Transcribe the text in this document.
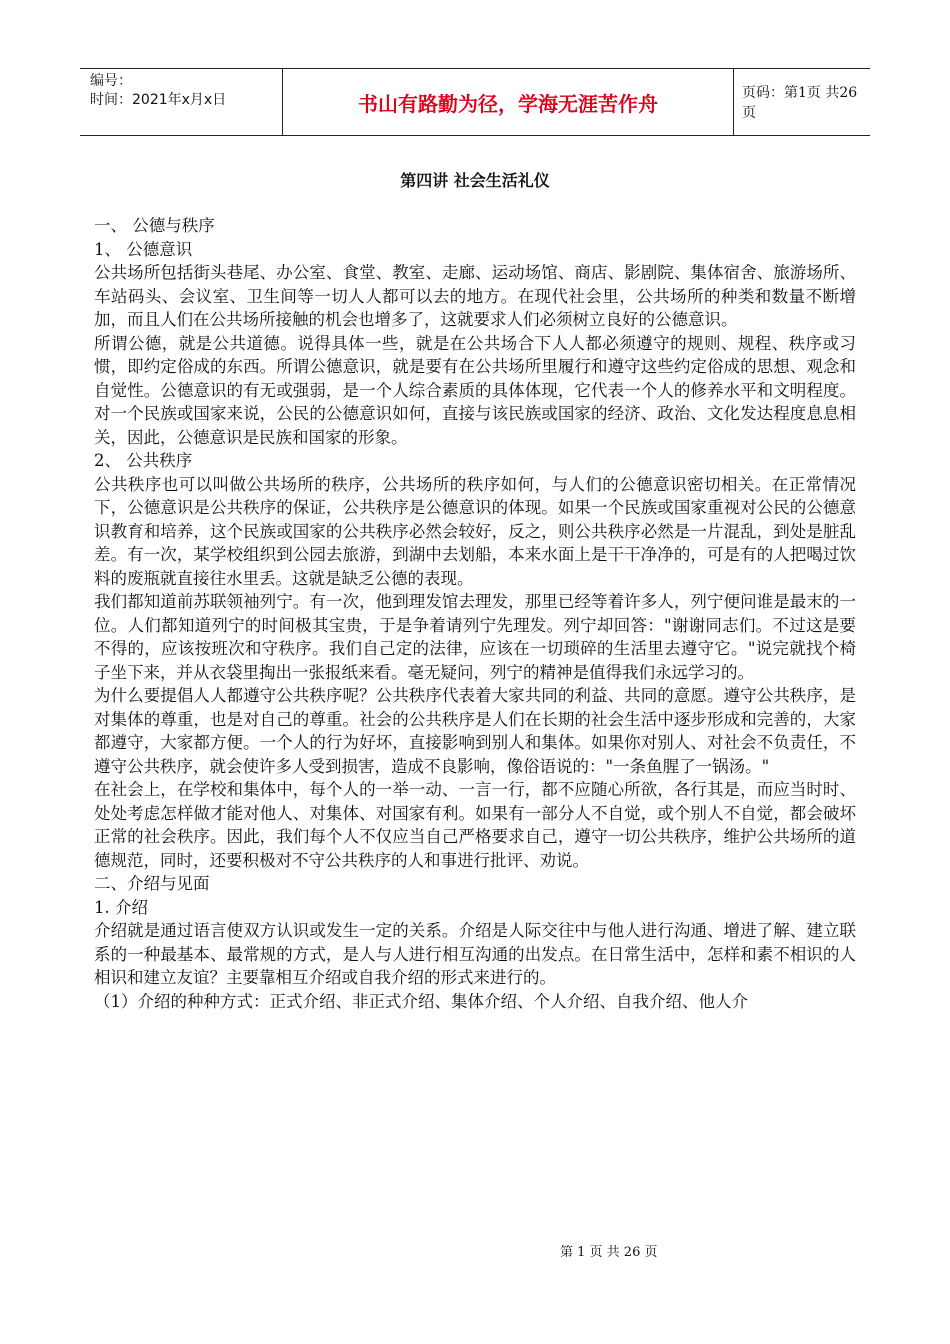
编号：
时间：2021年x月x日	书山有路勤为径，学海无涯苦作舟	页码：第1页 共26页
第四讲 社会生活礼仪

一、 公德与秩序

1、 公德意识

公共场所包括街头巷尾、办公室、食堂、教室、走廊、运动场馆、商店、影剧院、集体宿舍、旅游场所、车站码头、会议室、卫生间等一切人人都可以去的地方。在现代社会里，公共场所的种类和数量不断增加，而且人们在公共场所接触的机会也增多了，这就要求人们必须树立良好的公德意识。

所谓公德，就是公共道德。说得具体一些，就是在公共场合下人人都必须遵守的规则、规程、秩序或习惯，即约定俗成的东西。所谓公德意识，就是要有在公共场所里履行和遵守这些约定俗成的思想、观念和自觉性。公德意识的有无或强弱，是一个人综合素质的具体体现，它代表一个人的修养水平和文明程度。对一个民族或国家来说，公民的公德意识如何，直接与该民族或国家的经济、政治、文化发达程度息息相关，因此，公德意识是民族和国家的形象。

2、 公共秩序

公共秩序也可以叫做公共场所的秩序，公共场所的秩序如何，与人们的公德意识密切相关。在正常情况下，公德意识是公共秩序的保证，公共秩序是公德意识的体现。如果一个民族或国家重视对公民的公德意识教育和培养，这个民族或国家的公共秩序必然会较好，反之，则公共秩序必然是一片混乱，到处是脏乱差。有一次，某学校组织到公园去旅游，到湖中去划船，本来水面上是干干净净的，可是有的人把喝过饮料的废瓶就直接往水里丢。这就是缺乏公德的表现。

我们都知道前苏联领袖列宁。有一次，他到理发馆去理发，那里已经等着许多人，列宁便问谁是最末的一位。人们都知道列宁的时间极其宝贵，于是争着请列宁先理发。列宁却回答："谢谢同志们。不过这是要不得的，应该按班次和守秩序。我们自己定的法律，应该在一切琐碎的生活里去遵守它。"说完就找个椅子坐下来，并从衣袋里掏出一张报纸来看。毫无疑问，列宁的精神是值得我们永远学习的。

为什么要提倡人人都遵守公共秩序呢？公共秩序代表着大家共同的利益、共同的意愿。遵守公共秩序，是对集体的尊重，也是对自己的尊重。社会的公共秩序是人们在长期的社会生活中逐步形成和完善的，大家都遵守，大家都方便。一个人的行为好坏，直接影响到别人和集体。如果你对别人、对社会不负责任，不遵守公共秩序，就会使许多人受到损害，造成不良影响，像俗语说的："一条鱼腥了一锅汤。"

在社会上，在学校和集体中，每个人的一举一动、一言一行，都不应随心所欲，各行其是，而应当时时、处处考虑怎样做才能对他人、对集体、对国家有利。如果有一部分人不自觉，或个别人不自觉，都会破坏正常的社会秩序。因此，我们每个人不仅应当自己严格要求自己，遵守一切公共秩序，维护公共场所的道德规范，同时，还要积极对不守公共秩序的人和事进行批评、劝说。

二、介绍与见面

1. 介绍

介绍就是通过语言使双方认识或发生一定的关系。介绍是人际交往中与他人进行沟通、增进了解、建立联系的一种最基本、最常规的方式，是人与人进行相互沟通的出发点。在日常生活中，怎样和素不相识的人相识和建立友谊？主要靠相互介绍或自我介绍的形式来进行的。

（1）介绍的种种方式：正式介绍、非正式介绍、集体介绍、个人介绍、自我介绍、他人介

第 1 页 共 26 页
